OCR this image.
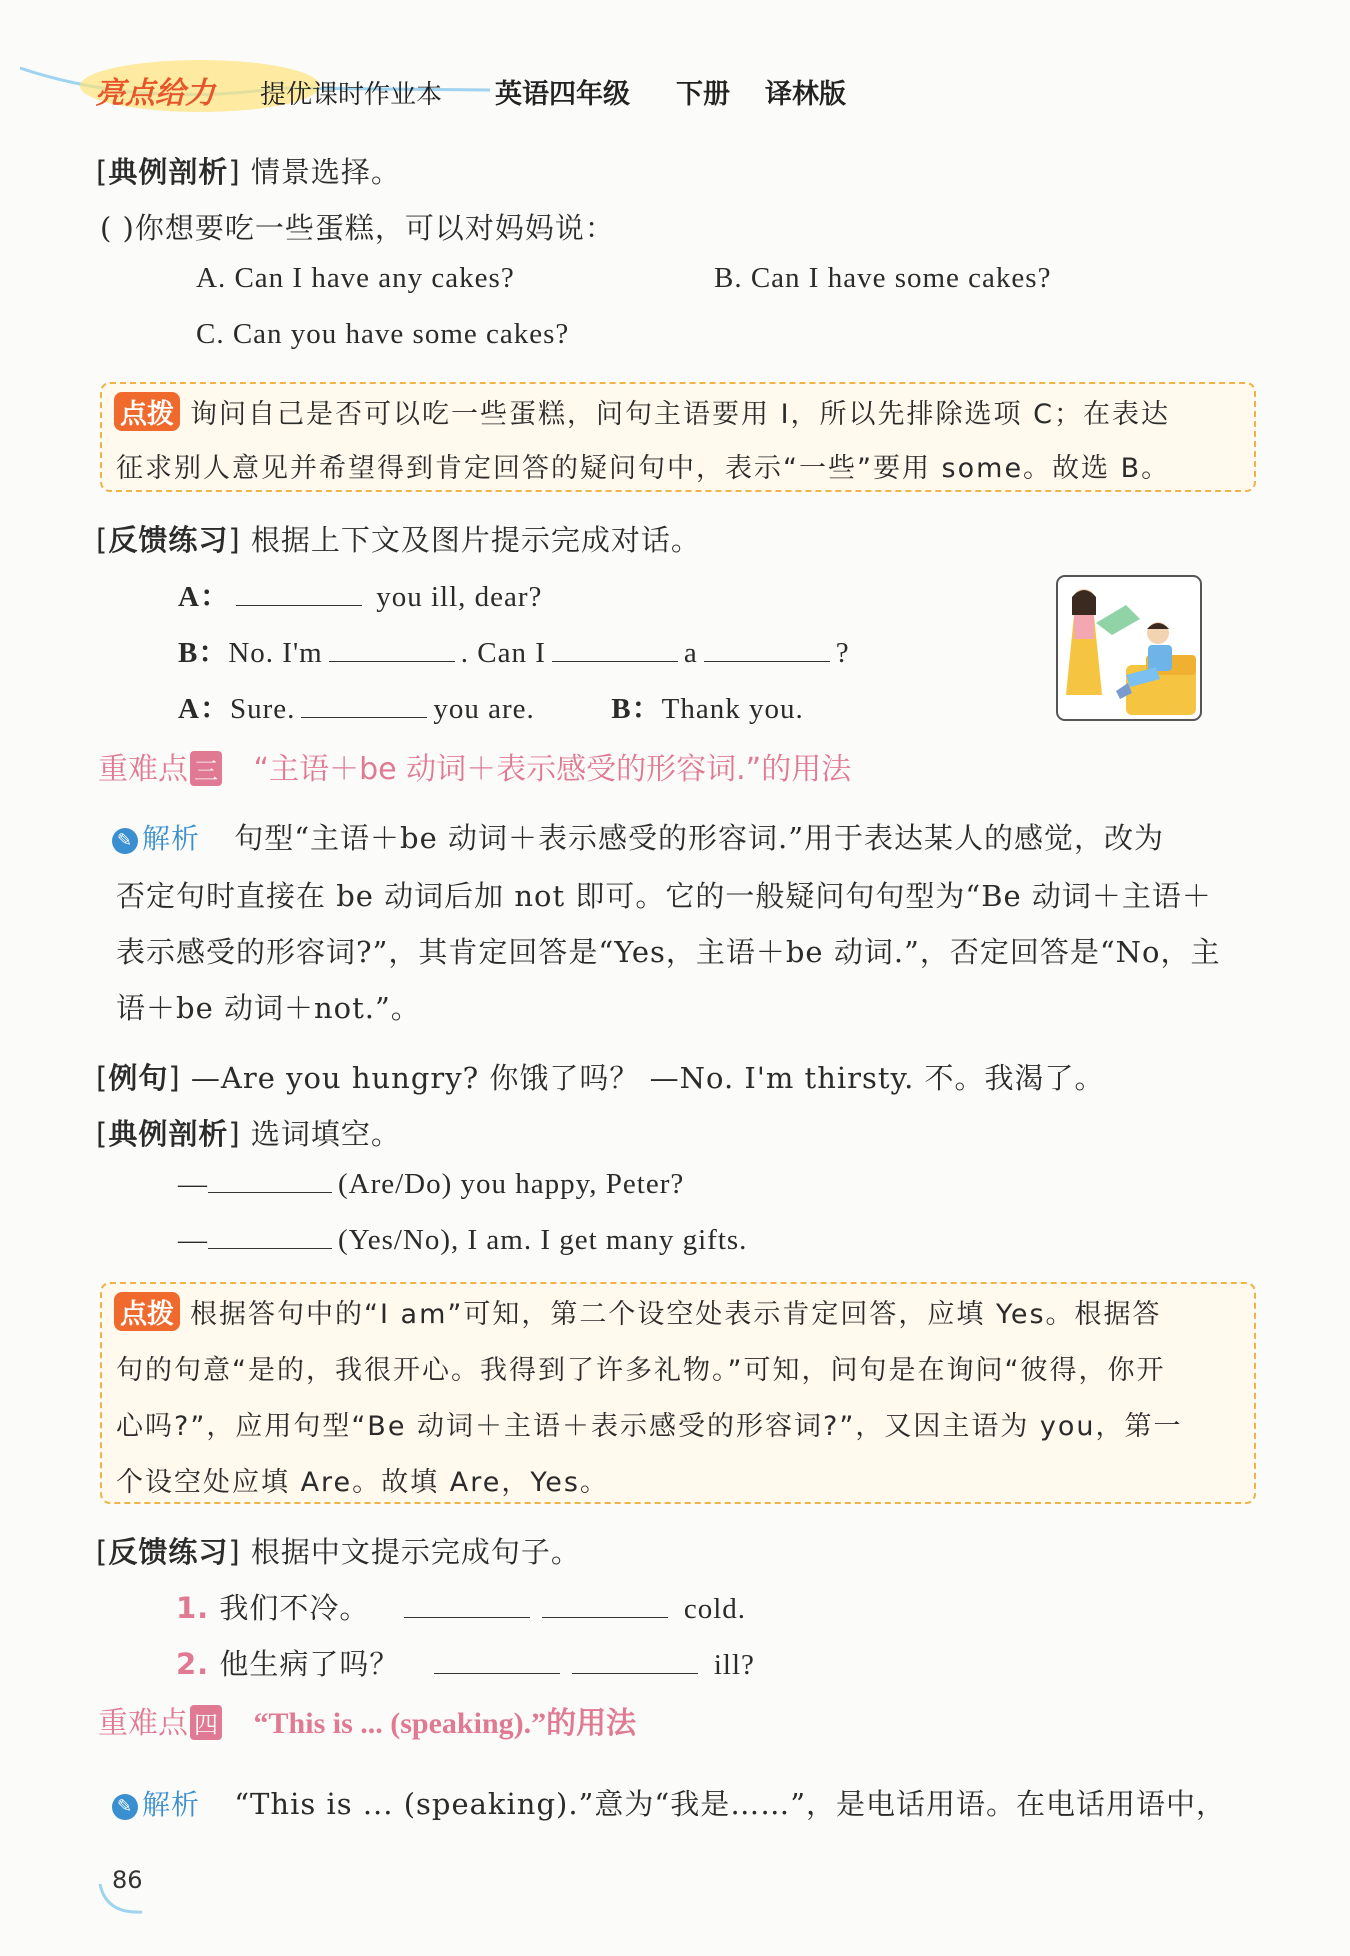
亮点给力 提优课时作业本 英语四年级 下册 译林版
[典例剖析] 情景选择。
( )你想要吃一些蛋糕，可以对妈妈说：
A. Can I have any cakes?	B. Can I have some cakes?
C. Can you have some cakes?
点拨 询问自己是否可以吃一些蛋糕，问句主语要用 I，所以先排除选项 C；在表达
征求别人意见并希望得到肯定回答的疑问句中，表示“一些”要用 some。故选 B。
[反馈练习] 根据上下文及图片提示完成对话。
A：	you ill, dear?
B：No. I'm	. Can I	a	?
A：Sure.	you are.	B：Thank you.
重难点 三 “主语＋be 动词＋表示感受的形容词.”的用法
✎ 解析 句型“主语＋be 动词＋表示感受的形容词.”用于表达某人的感觉，改为
否定句时直接在 be 动词后加 not 即可。它的一般疑问句句型为“Be 动词＋主语＋
表示感受的形容词?”，其肯定回答是“Yes，主语＋be 动词.”，否定回答是“No，主
语＋be 动词＋not.”。
[例句] —Are you hungry? 你饿了吗？ —No. I'm thirsty. 不。我渴了。
[典例剖析] 选词填空。
—	(Are/Do) you happy, Peter?
—	(Yes/No), I am. I get many gifts.
点拨 根据答句中的“I am”可知，第二个设空处表示肯定回答，应填 Yes。根据答
句的句意“是的，我很开心。我得到了许多礼物。”可知，问句是在询问“彼得，你开
心吗?”，应用句型“Be 动词＋主语＋表示感受的形容词?”，又因主语为 you，第一
个设空处应填 Are。故填 Are，Yes。
[反馈练习] 根据中文提示完成句子。
1. 我们不冷。	cold.
2. 他生病了吗？	ill?
重难点 四 “This is ... (speaking).”的用法
✎ 解析 “This is ... (speaking).”意为“我是……”，是电话用语。在电话用语中，
86
